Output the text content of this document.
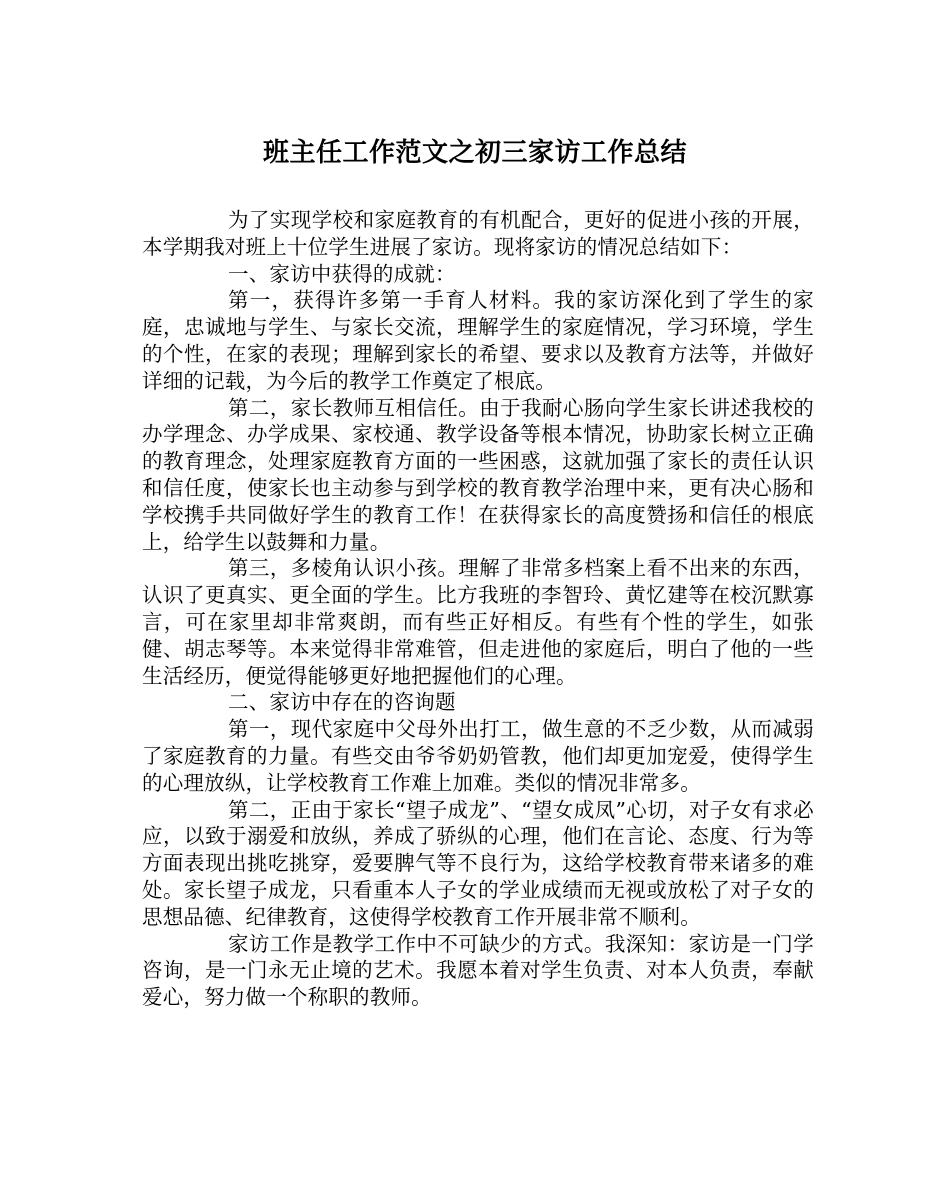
班主任工作范文之初三家访工作总结

为了实现学校和家庭教育的有机配合，更好的促进小孩的开展，本学期我对班上十位学生进展了家访。现将家访的情况总结如下：

一、家访中获得的成就：

第一，获得许多第一手育人材料。我的家访深化到了学生的家庭，忠诚地与学生、与家长交流，理解学生的家庭情况，学习环境，学生的个性，在家的表现；理解到家长的希望、要求以及教育方法等，并做好详细的记载，为今后的教学工作奠定了根底。

第二，家长教师互相信任。由于我耐心肠向学生家长讲述我校的办学理念、办学成果、家校通、教学设备等根本情况，协助家长树立正确的教育理念，处理家庭教育方面的一些困惑，这就加强了家长的责任认识和信任度，使家长也主动参与到学校的教育教学治理中来，更有决心肠和学校携手共同做好学生的教育工作！在获得家长的高度赞扬和信任的根底上，给学生以鼓舞和力量。

第三，多棱角认识小孩。理解了非常多档案上看不出来的东西，认识了更真实、更全面的学生。比方我班的李智玲、黄忆建等在校沉默寡言，可在家里却非常爽朗，而有些正好相反。有些有个性的学生，如张健、胡志琴等。本来觉得非常难管，但走进他的家庭后，明白了他的一些生活经历，便觉得能够更好地把握他们的心理。

二、家访中存在的咨询题

第一，现代家庭中父母外出打工，做生意的不乏少数，从而减弱了家庭教育的力量。有些交由爷爷奶奶管教，他们却更加宠爱，使得学生的心理放纵，让学校教育工作难上加难。类似的情况非常多。

第二，正由于家长“望子成龙”、“望女成凤”心切，对子女有求必应，以致于溺爱和放纵，养成了骄纵的心理，他们在言论、态度、行为等方面表现出挑吃挑穿，爱要脾气等不良行为，这给学校教育带来诸多的难处。家长望子成龙，只看重本人子女的学业成绩而无视或放松了对子女的思想品德、纪律教育，这使得学校教育工作开展非常不顺利。

家访工作是教学工作中不可缺少的方式。我深知：家访是一门学咨询，是一门永无止境的艺术。我愿本着对学生负责、对本人负责，奉献爱心，努力做一个称职的教师。
